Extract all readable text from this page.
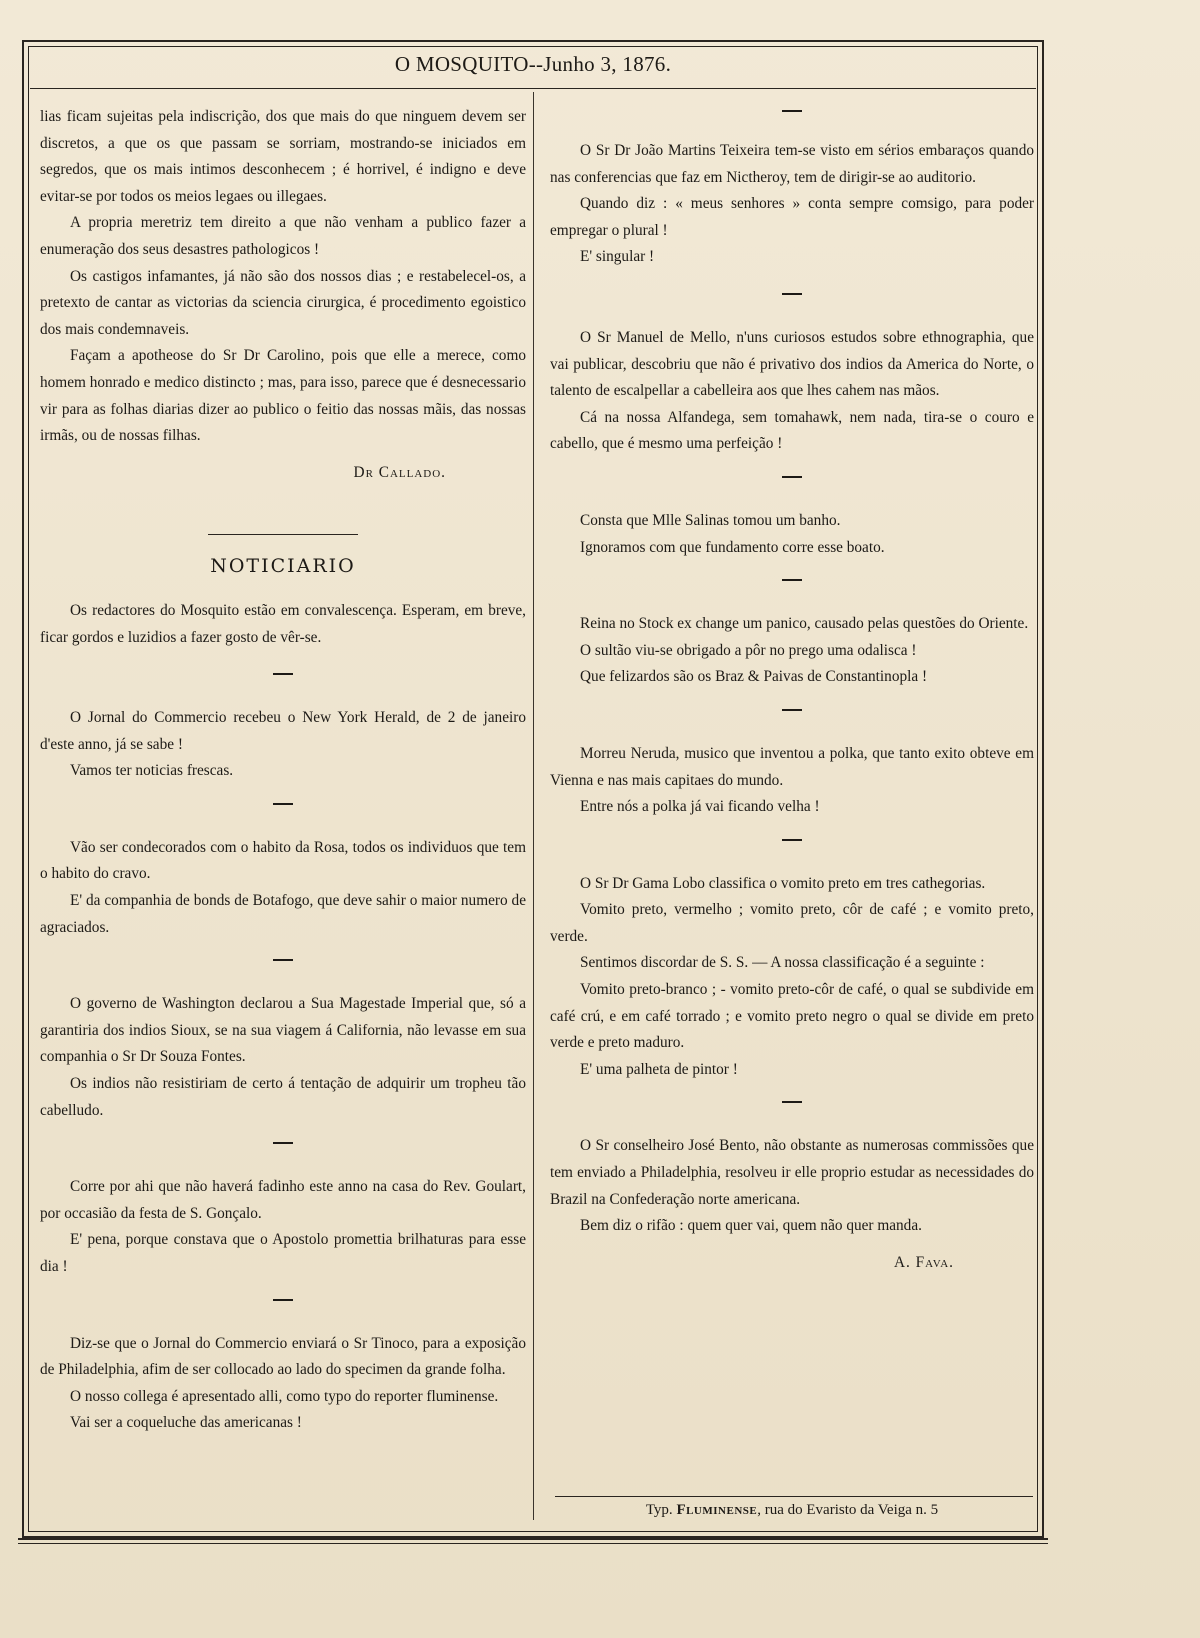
O MOSQUITO--Junho 3, 1876.

lias ficam sujeitas pela indiscrição, dos que mais do que ninguem devem ser discretos, a que os que passam se sorriam, mostrando-se iniciados em segredos, que os mais intimos desconhecem ; é horrivel, é indigno e deve evitar-se por todos os meios legaes ou illegaes.

A propria meretriz tem direito a que não venham a publico fazer a enumeração dos seus desastres pathologicos !

Os castigos infamantes, já não são dos nossos dias ; e restabelecel-os, a pretexto de cantar as victorias da sciencia cirurgica, é procedimento egoistico dos mais condemnaveis.

Façam a apotheose do Sr Dr Carolino, pois que elle a merece, como homem honrado e medico distincto ; mas, para isso, parece que é desnecessario vir para as folhas diarias dizer ao publico o feitio das nossas mãis, das nossas irmãs, ou de nossas filhas.

Dr Callado.
NOTICIARIO

Os redactores do Mosquito estão em convalescença. Esperam, em breve, ficar gordos e luzidios a fazer gosto de vêr-se.

O Jornal do Commercio recebeu o New York Herald, de 2 de janeiro d'este anno, já se sabe !

Vamos ter noticias frescas.

Vão ser condecorados com o habito da Rosa, todos os individuos que tem o habito do cravo.

E' da companhia de bonds de Botafogo, que deve sahir o maior numero de agraciados.

O governo de Washington declarou a Sua Magestade Imperial que, só a garantiria dos indios Sioux, se na sua viagem á California, não levasse em sua companhia o Sr Dr Souza Fontes.

Os indios não resistiriam de certo á tentação de adquirir um tropheu tão cabelludo.

Corre por ahi que não haverá fadinho este anno na casa do Rev. Goulart, por occasião da festa de S. Gonçalo.

E' pena, porque constava que o Apostolo promettia brilhaturas para esse dia !

Diz-se que o Jornal do Commercio enviará o Sr Tinoco, para a exposição de Philadelphia, afim de ser collocado ao lado do specimen da grande folha.

O nosso collega é apresentado alli, como typo do reporter fluminense.

Vai ser a coqueluche das americanas !

O Sr Dr João Martins Teixeira tem-se visto em sérios embaraços quando nas conferencias que faz em Nictheroy, tem de dirigir-se ao auditorio.

Quando diz : « meus senhores » conta sempre comsigo, para poder empregar o plural !

E' singular !

O Sr Manuel de Mello, n'uns curiosos estudos sobre ethnographia, que vai publicar, descobriu que não é privativo dos indios da America do Norte, o talento de escalpellar a cabelleira aos que lhes cahem nas mãos.

Cá na nossa Alfandega, sem tomahawk, nem nada, tira-se o couro e cabello, que é mesmo uma perfeição !

Consta que Mlle Salinas tomou um banho.

Ignoramos com que fundamento corre esse boato.

Reina no Stock ex change um panico, causado pelas questões do Oriente.

O sultão viu-se obrigado a pôr no prego uma odalisca !

Que felizardos são os Braz & Paivas de Constantinopla !

Morreu Neruda, musico que inventou a polka, que tanto exito obteve em Vienna e nas mais capitaes do mundo.

Entre nós a polka já vai ficando velha !

O Sr Dr Gama Lobo classifica o vomito preto em tres cathegorias.

Vomito preto, vermelho ; vomito preto, côr de café ; e vomito preto, verde.

Sentimos discordar de S. S. — A nossa classificação é a seguinte :

Vomito preto-branco ; - vomito preto-côr de café, o qual se subdivide em café crú, e em café torrado ; e vomito preto negro o qual se divide em preto verde e preto maduro.

E' uma palheta de pintor !

O Sr conselheiro José Bento, não obstante as numerosas commissões que tem enviado a Philadelphia, resolveu ir elle proprio estudar as necessidades do Brazil na Confederação norte americana.

Bem diz o rifão : quem quer vai, quem não quer manda.

A. Fava.
Typ. Fluminense, rua do Evaristo da Veiga n. 5
